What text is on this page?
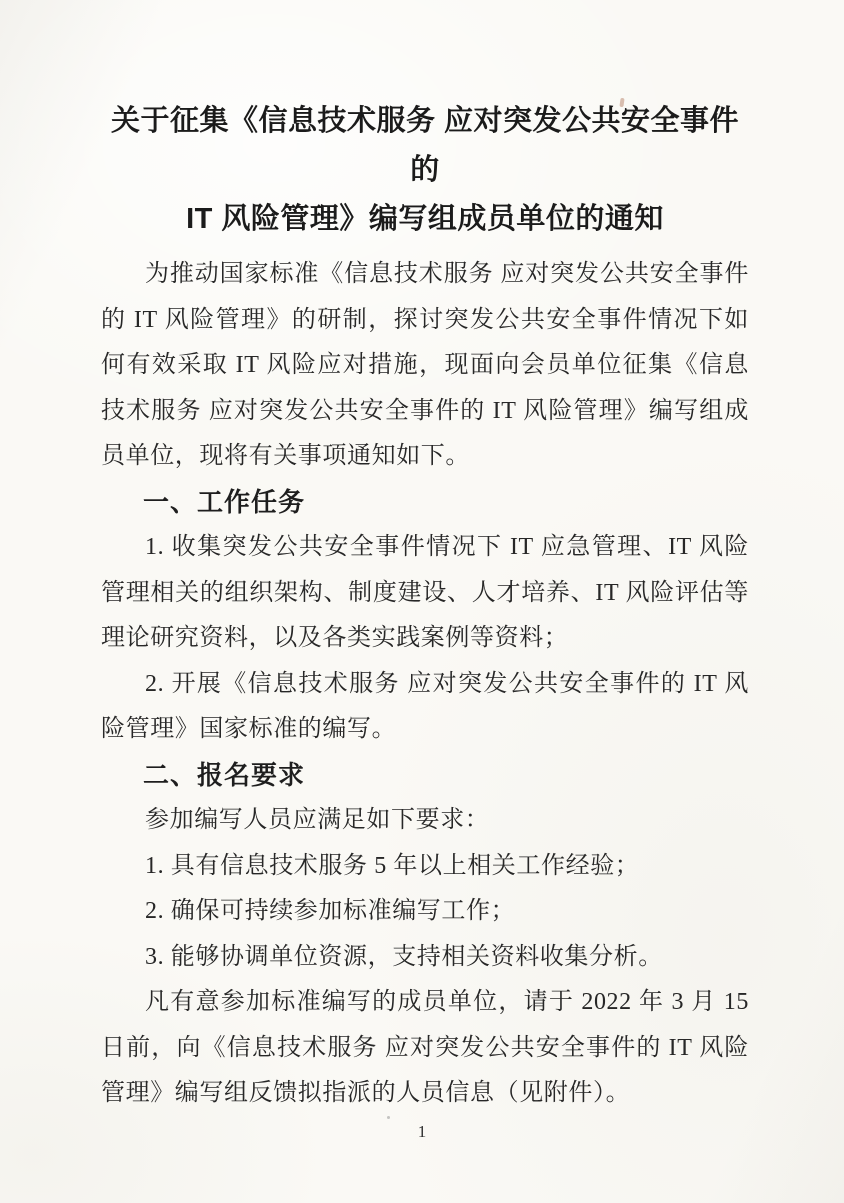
关于征集《信息技术服务 应对突发公共安全事件的
IT 风险管理》编写组成员单位的通知

为推动国家标准《信息技术服务 应对突发公共安全事件的 IT 风险管理》的研制，探讨突发公共安全事件情况下如何有效采取 IT 风险应对措施，现面向会员单位征集《信息技术服务 应对突发公共安全事件的 IT 风险管理》编写组成员单位，现将有关事项通知如下。

一、工作任务

1. 收集突发公共安全事件情况下 IT 应急管理、IT 风险管理相关的组织架构、制度建设、人才培养、IT 风险评估等理论研究资料，以及各类实践案例等资料；

2. 开展《信息技术服务 应对突发公共安全事件的 IT 风险管理》国家标准的编写。

二、报名要求

参加编写人员应满足如下要求：

1. 具有信息技术服务 5 年以上相关工作经验；

2. 确保可持续参加标准编写工作；

3. 能够协调单位资源，支持相关资料收集分析。

凡有意参加标准编写的成员单位，请于 2022 年 3 月 15 日前，向《信息技术服务 应对突发公共安全事件的 IT 风险管理》编写组反馈拟指派的人员信息（见附件）。

1
